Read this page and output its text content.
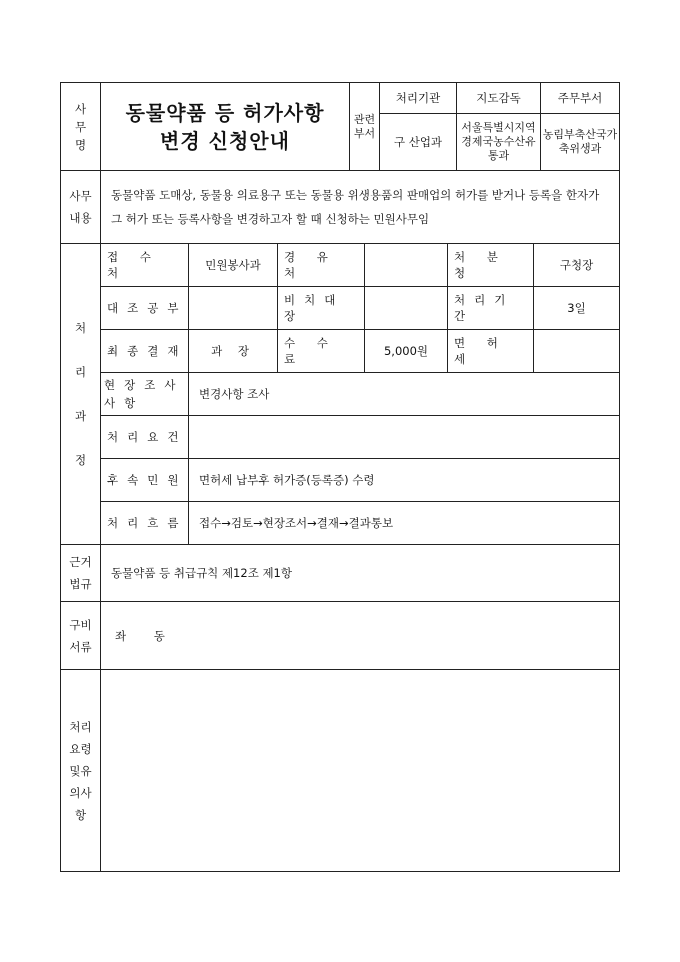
사무명	동물약품 등 허가사항
변경 신청안내	관련부서	처리기관	지도감독	주무부서
			구 산업과	서울특별시지역경제국농수산유통과	농림부축산국가축위생과
사무내용	동물약품 도매상, 동물용 의료용구 또는 동물용 위생용품의 판매업의 허가를 받거나 등록을 한자가 그 허가 또는 등록사항을 변경하고자 할 때 신청하는 민원사무임					

처리과정	접 수 처	민원봉사과	경 유 처		처 분 청	구청장
	대조공부		비치대장		처리기간	3일
	최종결재	과 장	수 수 료	5,000원	면 허 세	
	현장조사사항	변경사항 조사				
	처리요건					
	후속민원	면허세 납부후 허가증(등록증) 수령				
	처리흐름	접수→검토→현장조서→결재→결과통보				

근거법규	동물약품 등 취급규칙 제12조 제1항					

구비서류	좌 동					

처리요령및유의사항						
